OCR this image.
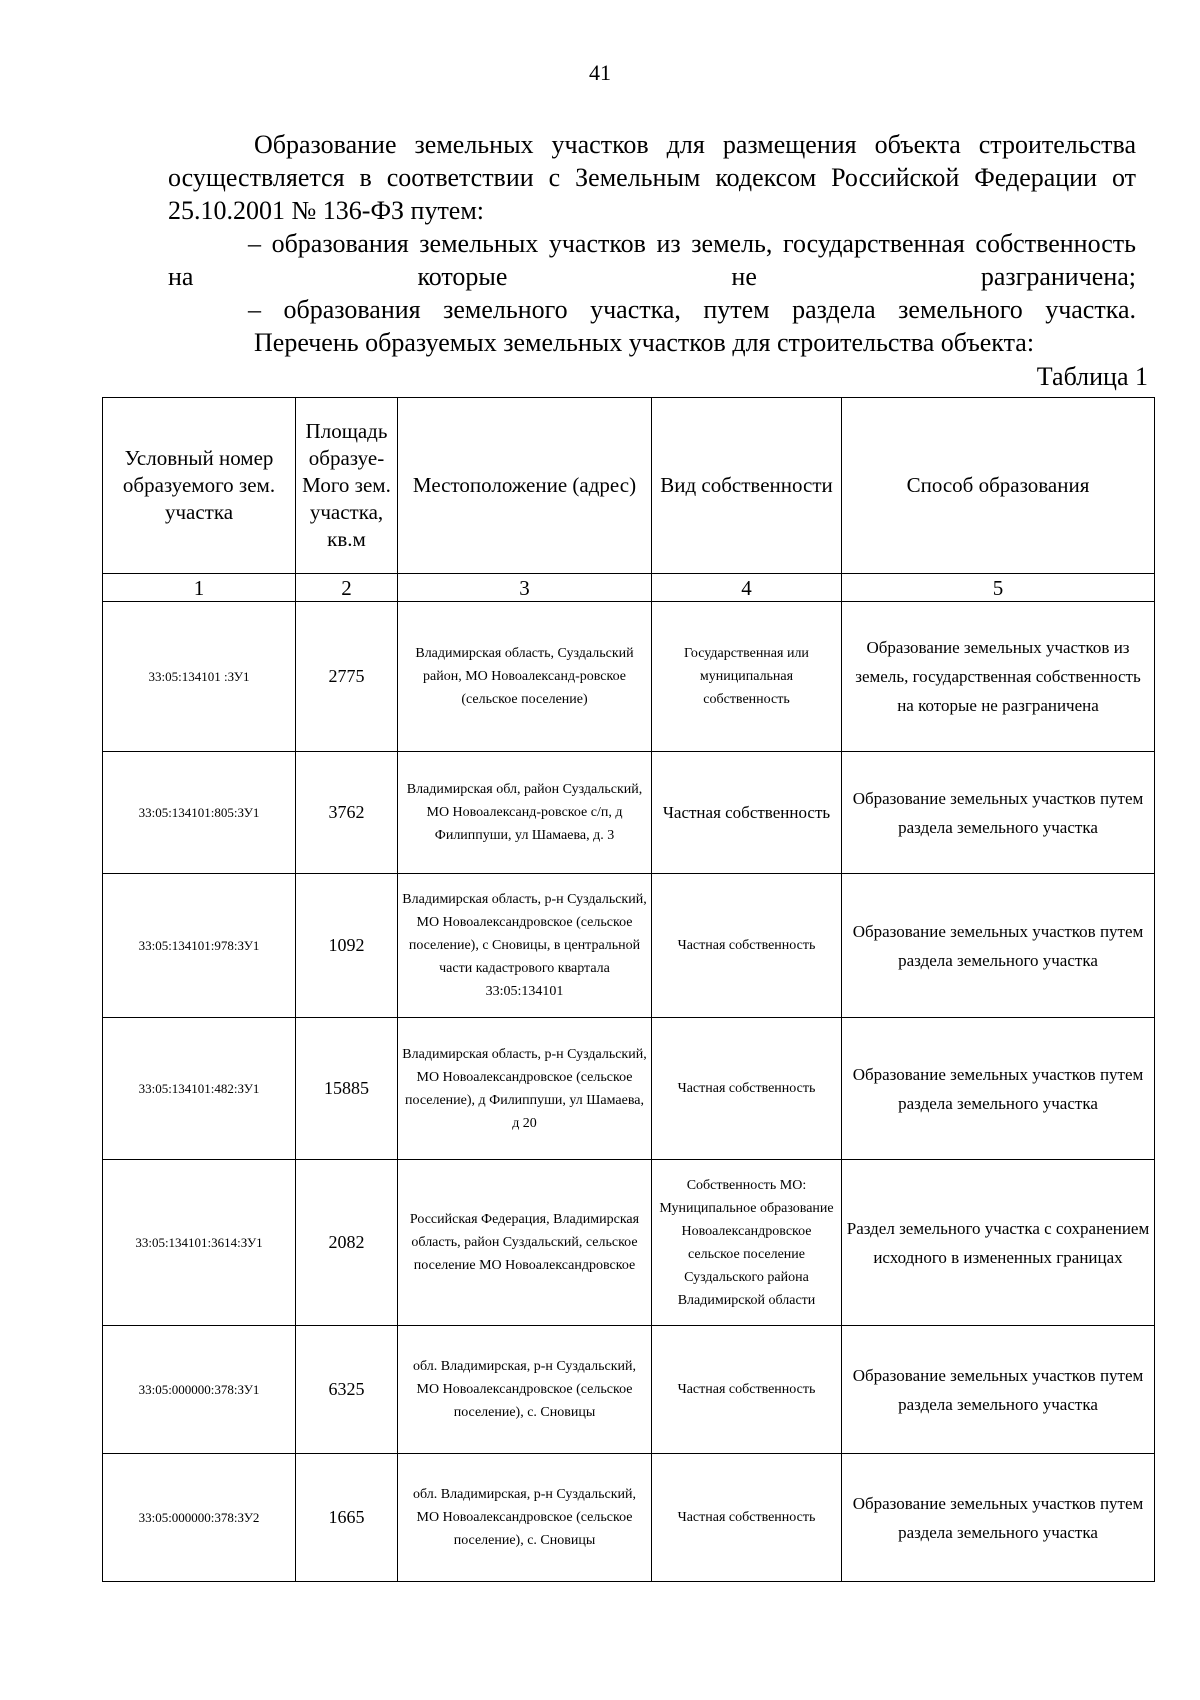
41

Образование земельных участков для размещения объекта строительства осуществляется в соответствии с Земельным кодексом Российской Федерации от 25.10.2001 № 136-ФЗ путем:

– образования земельных участков из земель, государственная собственность на которые не разграничена;

– образования земельного участка, путем раздела земельного участка.

Перечень образуемых земельных участков для строительства объекта:

Таблица 1
Условный номер образуемого зем. участка	Площадь образуе-Мого зем. участка, кв.м	Местоположение (адрес)	Вид собственности	Способ образования
1	2	3	4	5
33:05:134101 :ЗУ1	2775	Владимирская область, Суздальский район, МО Новоалександ-ровское (сельское поселение)	Государственная или муниципальная собственность	Образование земельных участков из земель, государственная собственность на которые не разграничена
33:05:134101:805:ЗУ1	3762	Владимирская обл, район Суздальский, МО Новоалександ-ровское с/п, д Филиппуши, ул Шамаева, д. 3	Частная собственность	Образование земельных участков путем раздела земельного участка
33:05:134101:978:ЗУ1	1092	Владимирская область, р-н Суздальский, МО Новоалександровское (сельское поселение), с Сновицы, в центральной части кадастрового квартала 33:05:134101	Частная собственность	Образование земельных участков путем раздела земельного участка
33:05:134101:482:ЗУ1	15885	Владимирская область, р-н Суздальский, МО Новоалександровское (сельское поселение), д Филиппуши, ул Шамаева, д 20	Частная собственность	Образование земельных участков путем раздела земельного участка
33:05:134101:3614:ЗУ1	2082	Российская Федерация, Владимирская область, район Суздальский, сельское поселение МО Новоалександровское	Собственность МО: Муниципальное образование Новоалександровское сельское поселение Суздальского района Владимирской области	Раздел земельного участка с сохранением исходного в измененных границах
33:05:000000:378:ЗУ1	6325	обл. Владимирская, р-н Суздальский, МО Новоалександровское (сельское поселение), с. Сновицы	Частная собственность	Образование земельных участков путем раздела земельного участка
33:05:000000:378:ЗУ2	1665	обл. Владимирская, р-н Суздальский, МО Новоалександровское (сельское поселение), с. Сновицы	Частная собственность	Образование земельных участков путем раздела земельного участка
